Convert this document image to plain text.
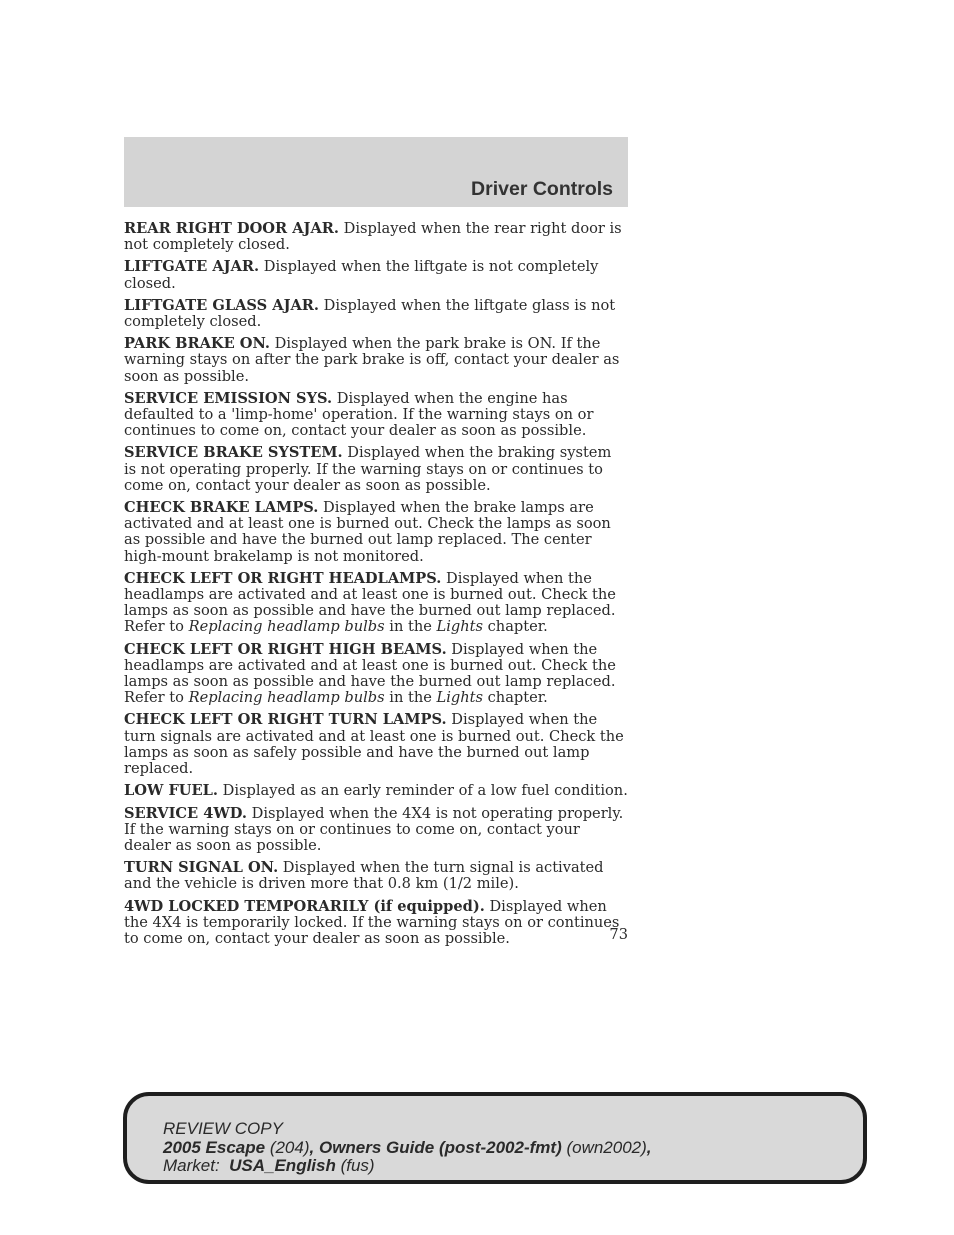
Driver Controls

REAR RIGHT DOOR AJAR. Displayed when the rear right door is not completely closed.

LIFTGATE AJAR. Displayed when the liftgate is not completely closed.

LIFTGATE GLASS AJAR. Displayed when the liftgate glass is not completely closed.

PARK BRAKE ON. Displayed when the park brake is ON. If the warning stays on after the park brake is off, contact your dealer as soon as possible.

SERVICE EMISSION SYS. Displayed when the engine has defaulted to a 'limp-home' operation. If the warning stays on or continues to come on, contact your dealer as soon as possible.

SERVICE BRAKE SYSTEM. Displayed when the braking system is not operating properly. If the warning stays on or continues to come on, contact your dealer as soon as possible.

CHECK BRAKE LAMPS. Displayed when the brake lamps are activated and at least one is burned out. Check the lamps as soon as possible and have the burned out lamp replaced. The center high-mount brakelamp is not monitored.

CHECK LEFT OR RIGHT HEADLAMPS. Displayed when the headlamps are activated and at least one is burned out. Check the lamps as soon as possible and have the burned out lamp replaced. Refer to Replacing headlamp bulbs in the Lights chapter.

CHECK LEFT OR RIGHT HIGH BEAMS. Displayed when the headlamps are activated and at least one is burned out. Check the lamps as soon as possible and have the burned out lamp replaced. Refer to Replacing headlamp bulbs in the Lights chapter.

CHECK LEFT OR RIGHT TURN LAMPS. Displayed when the turn signals are activated and at least one is burned out. Check the lamps as soon as safely possible and have the burned out lamp replaced.

LOW FUEL. Displayed as an early reminder of a low fuel condition.

SERVICE 4WD. Displayed when the 4X4 is not operating properly. If the warning stays on or continues to come on, contact your dealer as soon as possible.

TURN SIGNAL ON. Displayed when the turn signal is activated and the vehicle is driven more that 0.8 km (1/2 mile).

4WD LOCKED TEMPORARILY (if equipped). Displayed when the 4X4 is temporarily locked. If the warning stays on or continues to come on, contact your dealer as soon as possible.	73
REVIEW COPY
2005 Escape (204), Owners Guide (post-2002-fmt) (own2002),
Market:  USA_English (fus)
